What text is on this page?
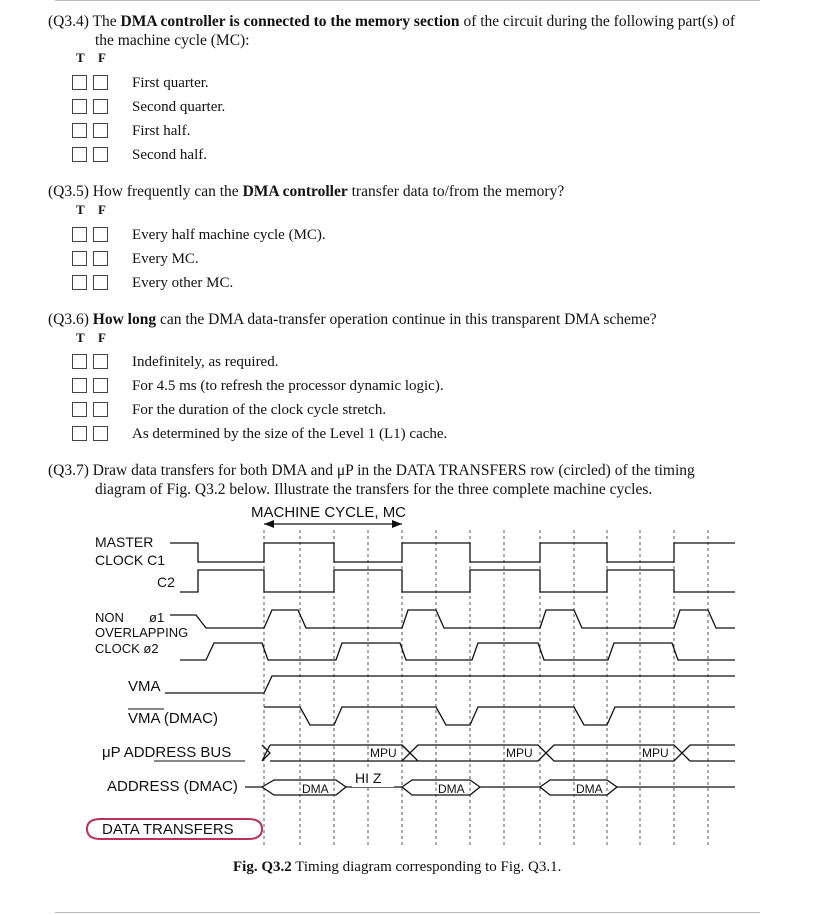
(Q3.4) The DMA controller is connected to the memory section of the circuit during the following part(s) of
the machine cycle (MC):
T F
First quarter.
Second quarter.
First half.
Second half.
(Q3.5) How frequently can the DMA controller transfer data to/from the memory?
T F
Every half machine cycle (MC).
Every MC.
Every other MC.
(Q3.6) How long can the DMA data-transfer operation continue in this transparent DMA scheme?
T F
Indefinitely, as required.
For 4.5 ms (to refresh the processor dynamic logic).
For the duration of the clock cycle stretch.
As determined by the size of the Level 1 (L1) cache.
(Q3.7) Draw data transfers for both DMA and μP in the DATA TRANSFERS row (circled) of the timing
diagram of Fig. Q3.2 below. Illustrate the transfers for the three complete machine cycles.
MACHINE CYCLE, MC
MASTER
CLOCK C1
C2
NON ø1
OVERLAPPING
CLOCK ø2
VMA
VMA (DMAC)
μP ADDRESS BUS
ADDRESS (DMAC)
DATA TRANSFERS
MPU	MPU	MPU
DMA	DMA	DMA
HI Z
Fig. Q3.2 Timing diagram corresponding to Fig. Q3.1.
